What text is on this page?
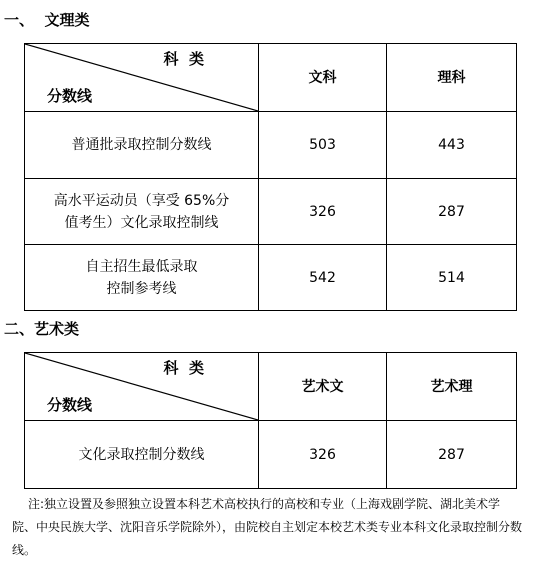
一、  文理类
科  类
分数线	文科	理科

普通批录取控制分数线	503	443

高水平运动员（享受 65%分
值考生）文化录取控制线	326	287

自主招生最低录取
控制参考线	542	514
二、艺术类
科  类
分数线	艺术文	艺术理

文化录取控制分数线	326	287
注:独立设置及参照独立设置本科艺术高校执行的高校和专业（上海戏剧学院、湖北美术学院、中央民族大学、沈阳音乐学院除外），由院校自主划定本校艺术类专业本科文化录取控制分数线。
